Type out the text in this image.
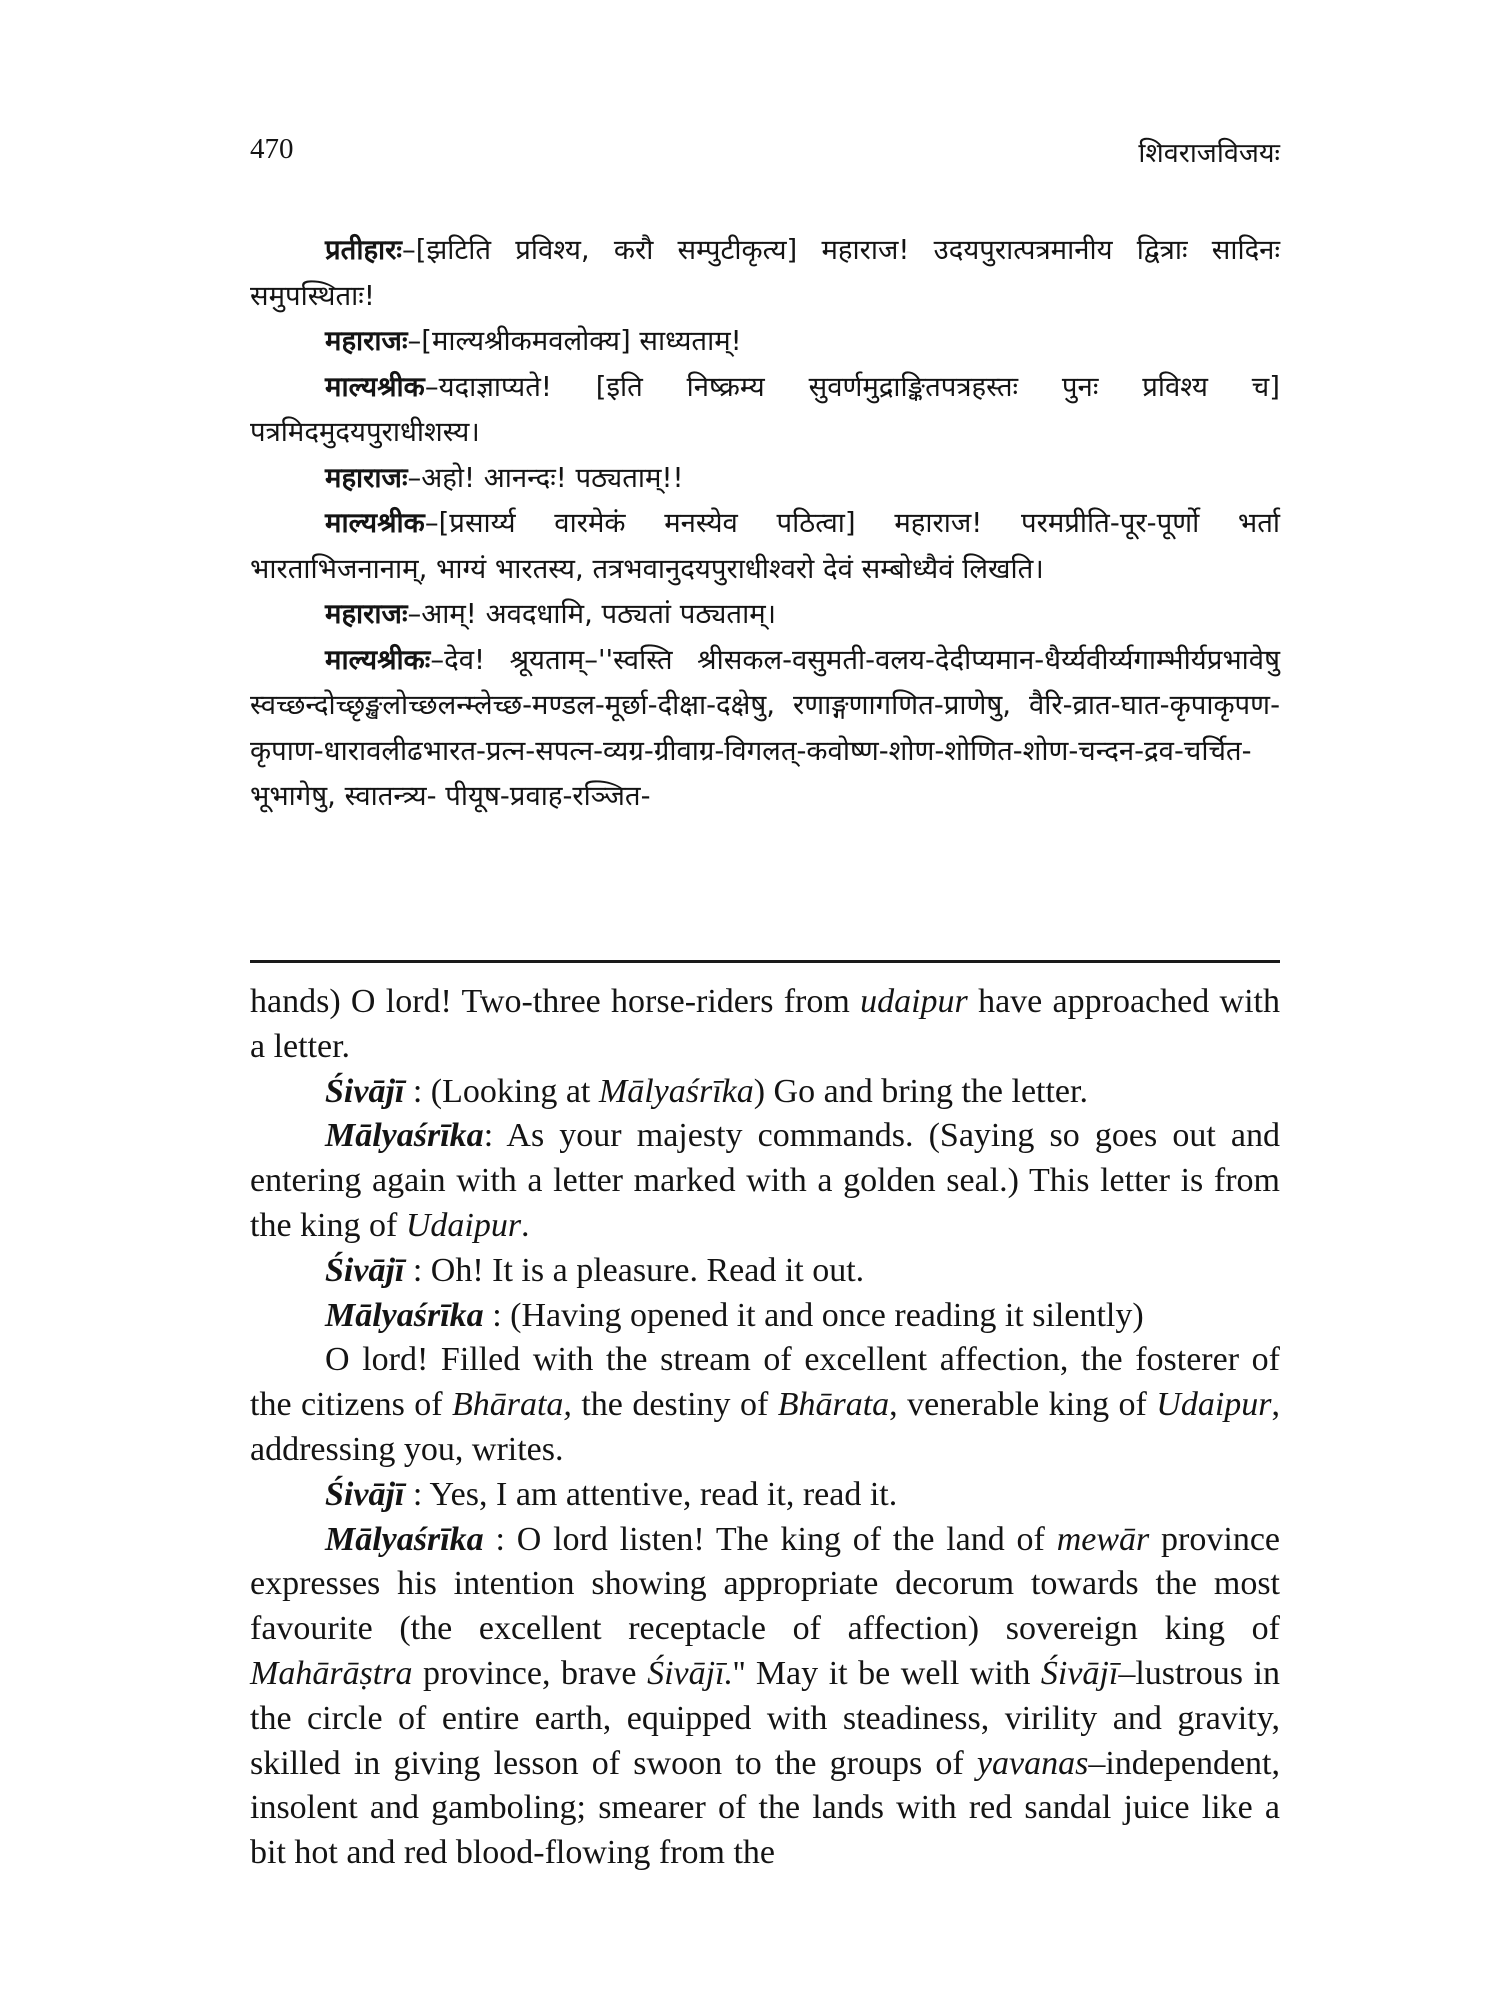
470	शिवराजविजयः

प्रतीहारः–[झटिति प्रविश्य, करौ सम्पुटीकृत्य] महाराज! उदयपुरात्पत्रमानीय द्वित्राः सादिनः समुपस्थिताः!

महाराजः–[माल्यश्रीकमवलोक्य] साध्यताम्!

माल्यश्रीक–यदाज्ञाप्यते! [इति निष्क्रम्य सुवर्णमुद्राङ्कितपत्रहस्तः पुनः प्रविश्य च] पत्रमिदमुदयपुराधीशस्य।

महाराजः–अहो! आनन्दः! पठ्यताम्!!

माल्यश्रीक–[प्रसार्य्य वारमेकं मनस्येव पठित्वा] महाराज! परमप्रीति-पूर-पूर्णो भर्ता भारताभिजनानाम्, भाग्यं भारतस्य, तत्रभवानुदयपुराधीश्वरो देवं सम्बोध्यैवं लिखति।

महाराजः–आम्! अवदधामि, पठ्यतां पठ्यताम्।

माल्यश्रीकः–देव! श्रूयताम्–''स्वस्ति श्रीसकल-वसुमती-वलय-देदीप्यमान-धैर्य्यवीर्य्यगाम्भीर्यप्रभावेषु स्वच्छन्दोच्छृङ्खलोच्छलन्म्लेच्छ-मण्डल-मूर्छा-दीक्षा-दक्षेषु, रणाङ्गणागणित-प्राणेषु, वैरि-व्रात-घात-कृपाकृपण-कृपाण-धारावलीढभारत-प्रत्न-सपत्न-व्यग्र-ग्रीवाग्र-विगलत्-कवोष्ण-शोण-शोणित-शोण-चन्दन-द्रव-चर्चित-भूभागेषु, स्वातन्त्र्य- पीयूष-प्रवाह-रञ्जित-

hands) O lord! Two-three horse-riders from udaipur have approached with a letter.

Śivājī : (Looking at Mālyaśrīka) Go and bring the letter.

Mālyaśrīka: As your majesty commands. (Saying so goes out and entering again with a letter marked with a golden seal.) This letter is from the king of Udaipur.

Śivājī : Oh! It is a pleasure. Read it out.

Mālyaśrīka : (Having opened it and once reading it silently)

O lord! Filled with the stream of excellent affection, the fosterer of the citizens of Bhārata, the destiny of Bhārata, venerable king of Udaipur, addressing you, writes.

Śivājī : Yes, I am attentive, read it, read it.

Mālyaśrīka : O lord listen! The king of the land of mewār province expresses his intention showing appropriate decorum towards the most favourite (the excellent receptacle of affection) sovereign king of Mahārāṣtra province, brave Śivājī.'' May it be well with Śivājī–lustrous in the circle of entire earth, equipped with steadiness, virility and gravity, skilled in giving lesson of swoon to the groups of yavanas–independent, insolent and gamboling; smearer of the lands with red sandal juice like a bit hot and red blood-flowing from the
